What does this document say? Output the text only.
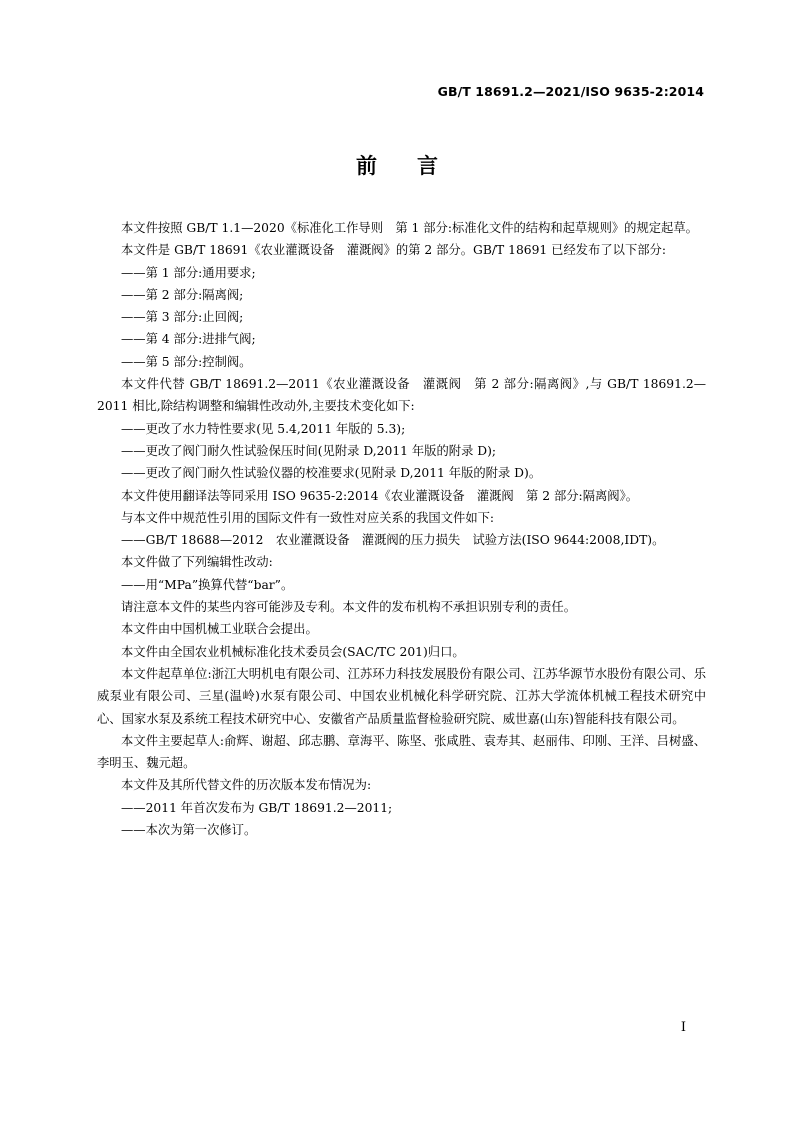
GB/T 18691.2—2021/ISO 9635-2:2014
前言

本文件按照 GB/T 1.1—2020《标准化工作导则　第 1 部分:标准化文件的结构和起草规则》的规定起草。

本文件是 GB/T 18691《农业灌溉设备　灌溉阀》的第 2 部分。GB/T 18691 已经发布了以下部分:

——第 1 部分:通用要求;

——第 2 部分:隔离阀;

——第 3 部分:止回阀;

——第 4 部分:进排气阀;

——第 5 部分:控制阀。

本文件代替 GB/T 18691.2—2011《农业灌溉设备　灌溉阀　第 2 部分:隔离阀》,与 GB/T 18691.2—2011 相比,除结构调整和编辑性改动外,主要技术变化如下:

——更改了水力特性要求(见 5.4,2011 年版的 5.3);

——更改了阀门耐久性试验保压时间(见附录 D,2011 年版的附录 D);

——更改了阀门耐久性试验仪器的校准要求(见附录 D,2011 年版的附录 D)。

本文件使用翻译法等同采用 ISO 9635-2:2014《农业灌溉设备　灌溉阀　第 2 部分:隔离阀》。

与本文件中规范性引用的国际文件有一致性对应关系的我国文件如下:

——GB/T 18688—2012　农业灌溉设备　灌溉阀的压力损失　试验方法(ISO 9644:2008,IDT)。

本文件做了下列编辑性改动:

——用“MPa”换算代替“bar”。

请注意本文件的某些内容可能涉及专利。本文件的发布机构不承担识别专利的责任。

本文件由中国机械工业联合会提出。

本文件由全国农业机械标准化技术委员会(SAC/TC 201)归口。

本文件起草单位:浙江大明机电有限公司、江苏环力科技发展股份有限公司、江苏华源节水股份有限公司、乐威泵业有限公司、三星(温岭)水泵有限公司、中国农业机械化科学研究院、江苏大学流体机械工程技术研究中心、国家水泵及系统工程技术研究中心、安徽省产品质量监督检验研究院、威世嘉(山东)智能科技有限公司。

本文件主要起草人:俞辉、谢超、邱志鹏、章海平、陈坚、张咸胜、袁寿其、赵丽伟、印刚、王洋、吕树盛、李明玉、魏元超。

本文件及其所代替文件的历次版本发布情况为:

——2011 年首次发布为 GB/T 18691.2—2011;

——本次为第一次修订。

I
